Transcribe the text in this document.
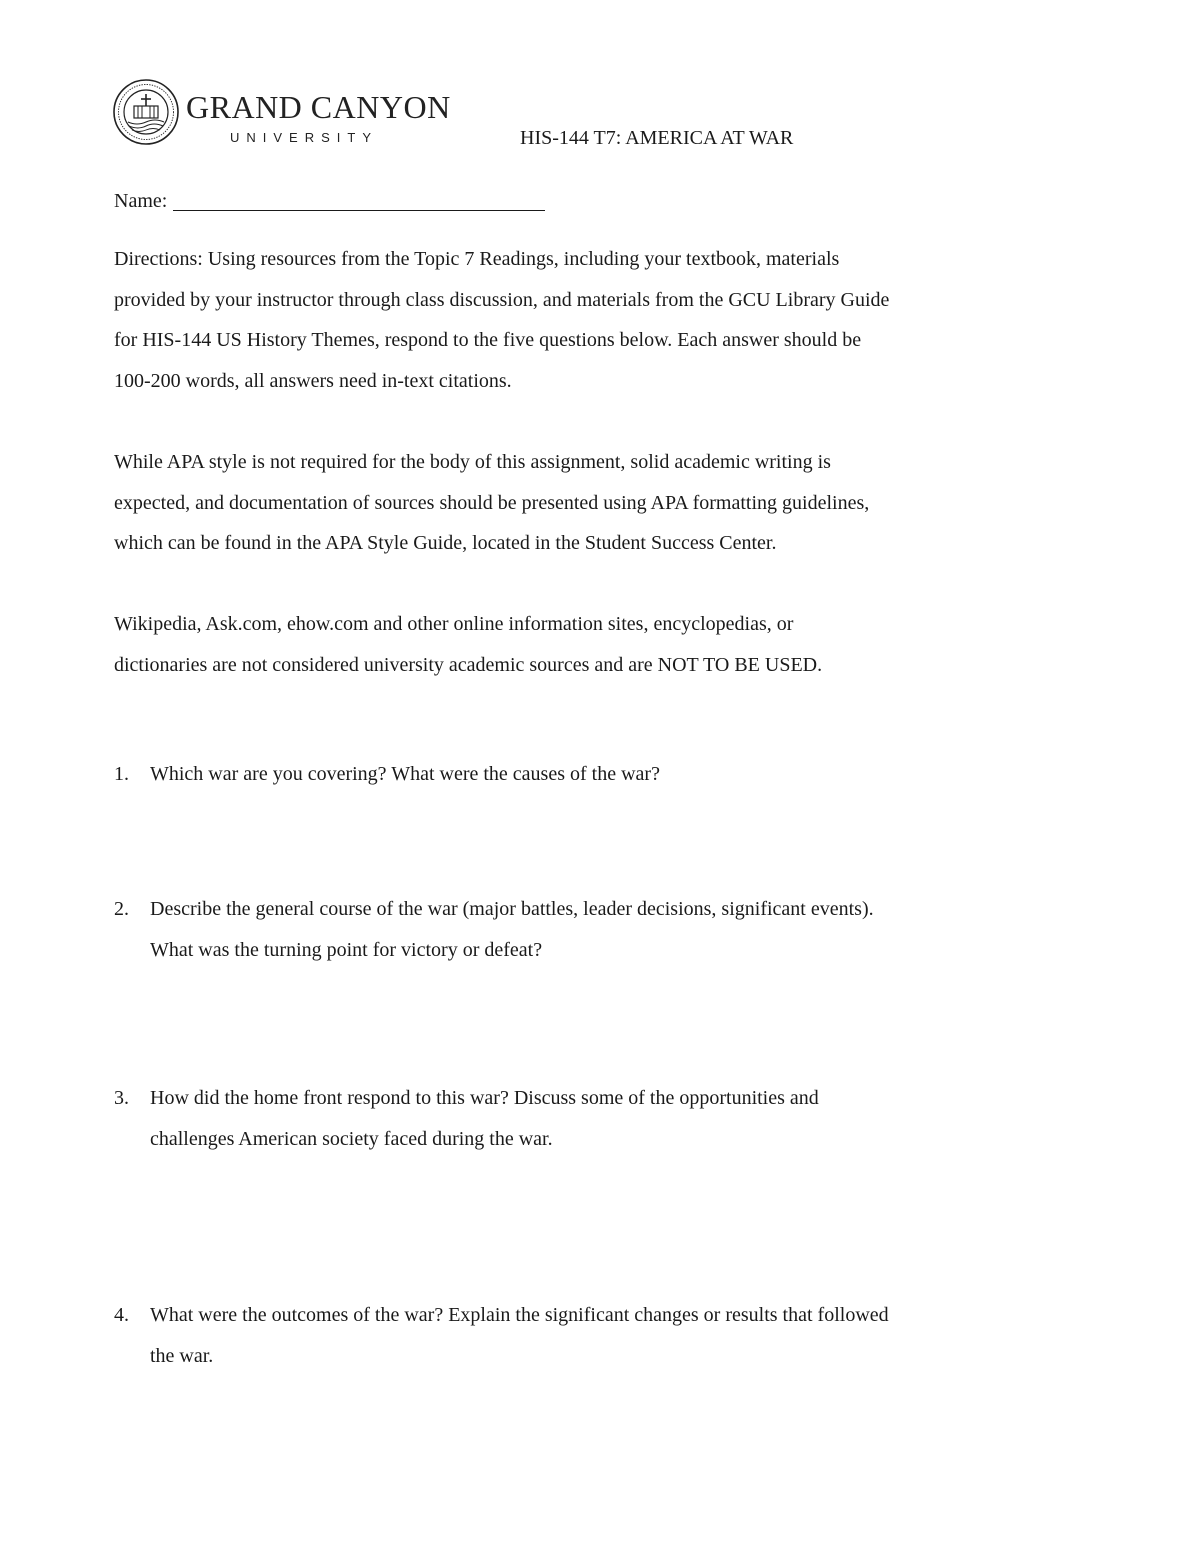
GRAND CANYON
UNIVERSITY	HIS-144 T7: AMERICA AT WAR
Name:
Directions: Using resources from the Topic 7 Readings, including your textbook, materials
provided by your instructor through class discussion, and materials from the GCU Library Guide
for HIS-144 US History Themes, respond to the five questions below. Each answer should be
100-200 words, all answers need in-text citations.
While APA style is not required for the body of this assignment, solid academic writing is
expected, and documentation of sources should be presented using APA formatting guidelines,
which can be found in the APA Style Guide, located in the Student Success Center.
Wikipedia, Ask.com, ehow.com and other online information sites, encyclopedias, or
dictionaries are not considered university academic sources and are NOT TO BE USED.
1. Which war are you covering? What were the causes of the war?
2. Describe the general course of the war (major battles, leader decisions, significant events).
What was the turning point for victory or defeat?
3. How did the home front respond to this war? Discuss some of the opportunities and
challenges American society faced during the war.
4. What were the outcomes of the war? Explain the significant changes or results that followed
the war.
